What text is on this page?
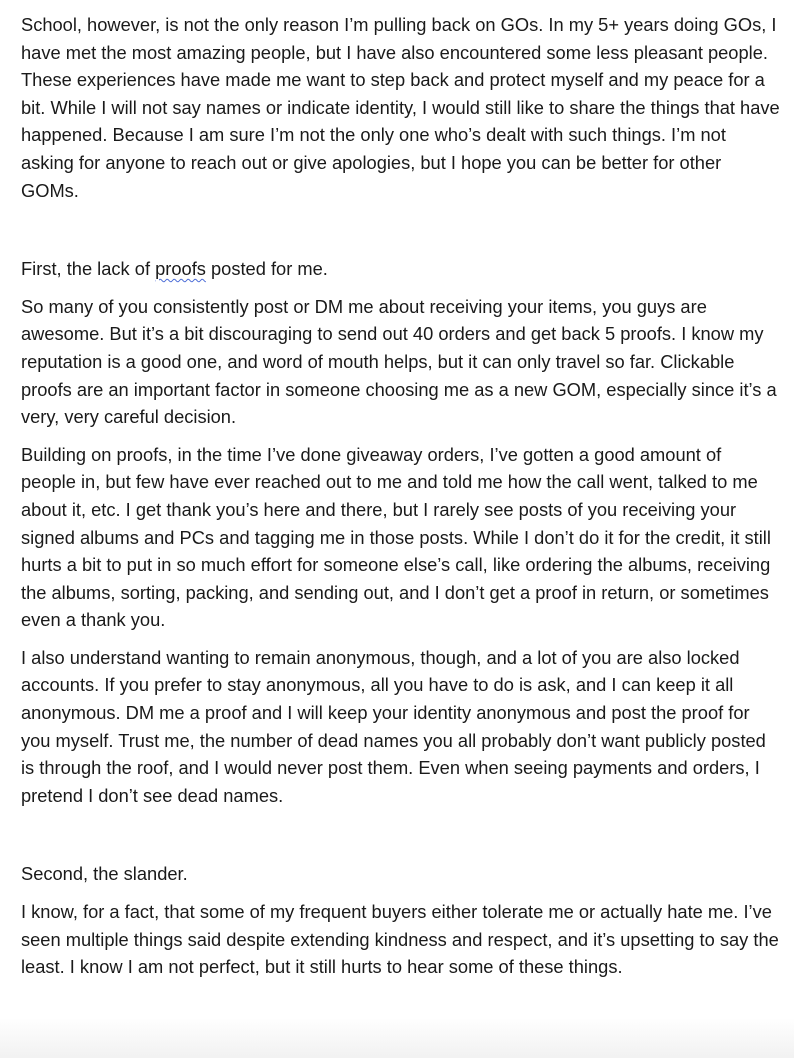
School, however, is not the only reason I’m pulling back on GOs. In my 5+ years doing GOs, I have met the most amazing people, but I have also encountered some less pleasant people. These experiences have made me want to step back and protect myself and my peace for a bit. While I will not say names or indicate identity, I would still like to share the things that have happened. Because I am sure I’m not the only one who’s dealt with such things. I’m not asking for anyone to reach out or give apologies, but I hope you can be better for other GOMs.

First, the lack of proofs posted for me.

So many of you consistently post or DM me about receiving your items, you guys are awesome. But it’s a bit discouraging to send out 40 orders and get back 5 proofs. I know my reputation is a good one, and word of mouth helps, but it can only travel so far. Clickable proofs are an important factor in someone choosing me as a new GOM, especially since it’s a very, very careful decision.

Building on proofs, in the time I’ve done giveaway orders, I’ve gotten a good amount of people in, but few have ever reached out to me and told me how the call went, talked to me about it, etc. I get thank you’s here and there, but I rarely see posts of you receiving your signed albums and PCs and tagging me in those posts. While I don’t do it for the credit, it still hurts a bit to put in so much effort for someone else’s call, like ordering the albums, receiving the albums, sorting, packing, and sending out, and I don’t get a proof in return, or sometimes even a thank you.

I also understand wanting to remain anonymous, though, and a lot of you are also locked accounts. If you prefer to stay anonymous, all you have to do is ask, and I can keep it all anonymous. DM me a proof and I will keep your identity anonymous and post the proof for you myself. Trust me, the number of dead names you all probably don’t want publicly posted is through the roof, and I would never post them. Even when seeing payments and orders, I pretend I don’t see dead names.

Second, the slander.

I know, for a fact, that some of my frequent buyers either tolerate me or actually hate me. I’ve seen multiple things said despite extending kindness and respect, and it’s upsetting to say the least. I know I am not perfect, but it still hurts to hear some of these things.
